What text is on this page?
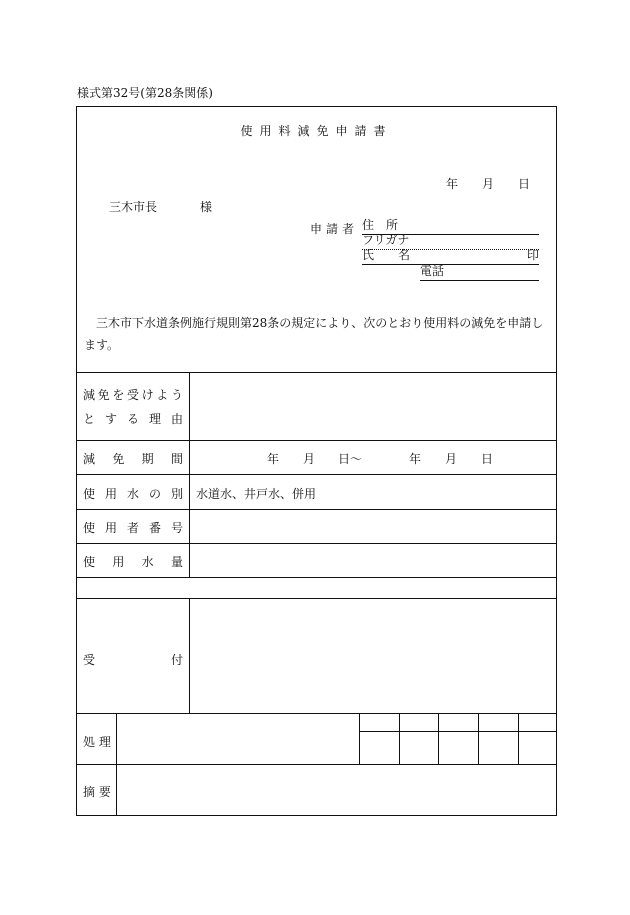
様式第32号(第28条関係)
使用料減免申請書
年 月 日
三木市長	様
申請者 住　所
フリガナ
氏　　名	印
電話
三木市下水道条例施行規則第28条の規定により、次のとおり使用料の減免を申請します。
減 免 を 受 け よ う
と す る 理 由
減 免 期 間	年 月 日〜	年 月 日
使 用 水 の 別 水道水、井戸水、併用
使 用 者 番 号
使 用 水 量
受	付
処 理
摘 要
